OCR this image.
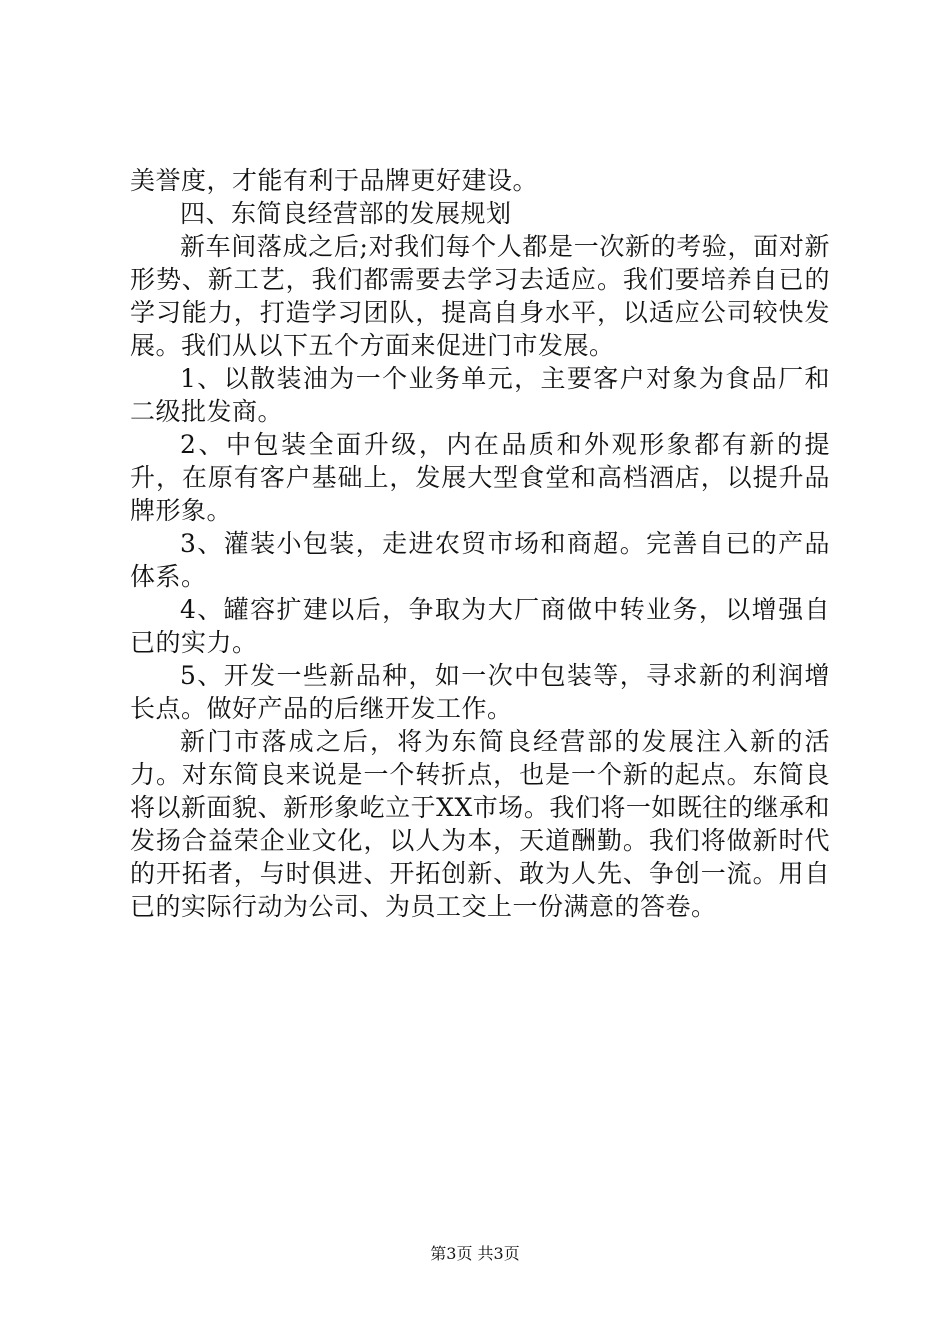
美誉度，才能有利于品牌更好建设。

四、东简良经营部的发展规划

新车间落成之后;对我们每个人都是一次新的考验，面对新形势、新工艺，我们都需要去学习去适应。我们要培养自已的学习能力，打造学习团队，提高自身水平，以适应公司较快发展。我们从以下五个方面来促进门市发展。

1、以散装油为一个业务单元，主要客户对象为食品厂和二级批发商。

2、中包装全面升级，内在品质和外观形象都有新的提升，在原有客户基础上，发展大型食堂和高档酒店，以提升品牌形象。

3、灌装小包装，走进农贸市场和商超。完善自已的产品体系。

4、罐容扩建以后，争取为大厂商做中转业务，以增强自已的实力。

5、开发一些新品种，如一次中包装等，寻求新的利润增长点。做好产品的后继开发工作。

新门市落成之后，将为东简良经营部的发展注入新的活力。对东简良来说是一个转折点，也是一个新的起点。东简良将以新面貌、新形象屹立于XX市场。我们将一如既往的继承和发扬合益荣企业文化，以人为本，天道酬勤。我们将做新时代的开拓者，与时俱进、开拓创新、敢为人先、争创一流。用自已的实际行动为公司、为员工交上一份满意的答卷。

第3页 共3页
